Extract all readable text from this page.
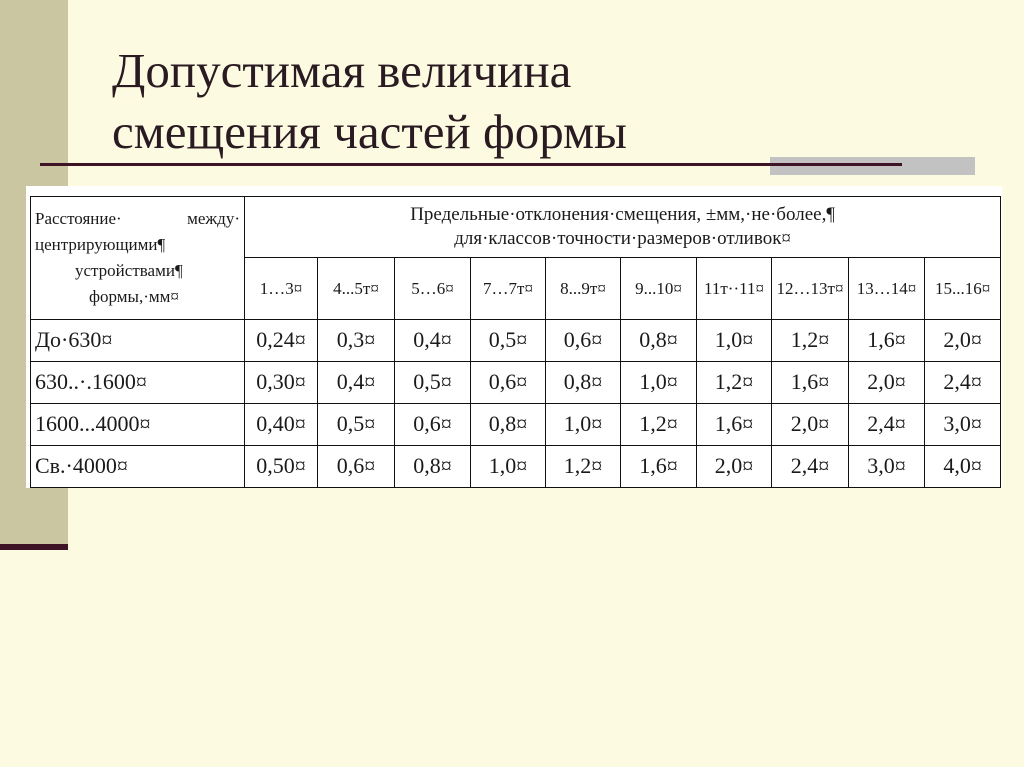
Допустимая величина
смещения частей формы
Расстояние· между·
центрирующими¶
устройствами¶
формы,·мм¤	Предельные·отклонения·смещения, ±мм,·не·более,¶
для·классов·точности·размеров·отливок¤									

	1…3¤	4...5т¤	5…6¤	7…7т¤	8...9т¤	9...10¤	11т··11¤	12…13т¤	13…14¤	15...16¤
До·630¤	0,24¤	0,3¤	0,4¤	0,5¤	0,6¤	0,8¤	1,0¤	1,2¤	1,6¤	2,0¤
630..·.1600¤	0,30¤	0,4¤	0,5¤	0,6¤	0,8¤	1,0¤	1,2¤	1,6¤	2,0¤	2,4¤
1600...4000¤	0,40¤	0,5¤	0,6¤	0,8¤	1,0¤	1,2¤	1,6¤	2,0¤	2,4¤	3,0¤
Св.·4000¤	0,50¤	0,6¤	0,8¤	1,0¤	1,2¤	1,6¤	2,0¤	2,4¤	3,0¤	4,0¤
